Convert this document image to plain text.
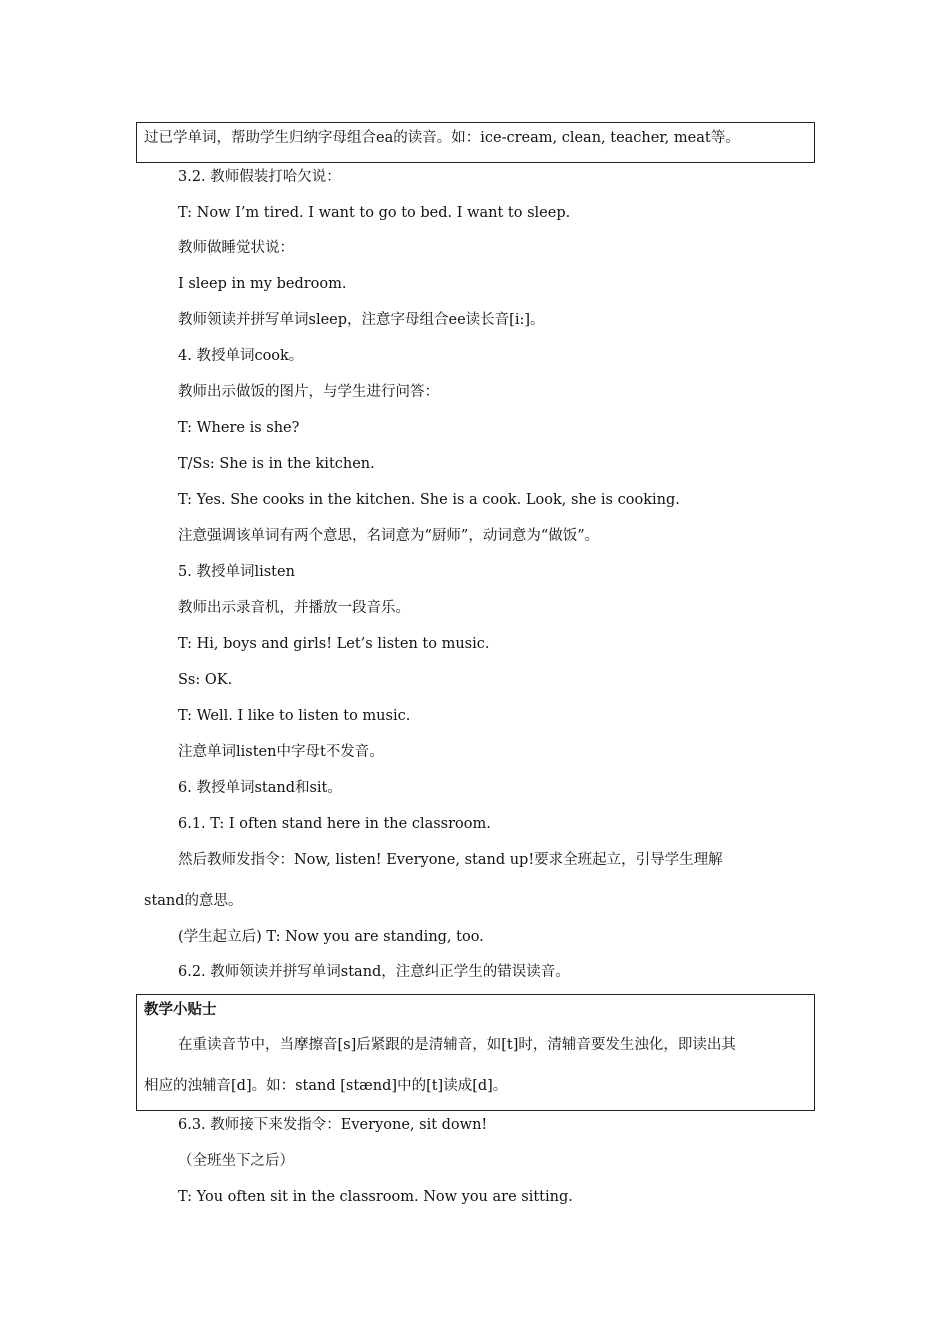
过已学单词，帮助学生归纳字母组合ea的读音。如：ice-cream, clean, teacher, meat等。
3.2. 教师假装打哈欠说：
T: Now I’m tired. I want to go to bed. I want to sleep.
教师做睡觉状说：
I sleep in my bedroom.
教师领读并拼写单词sleep，注意字母组合ee读长音[i:]。
4. 教授单词cook。
教师出示做饭的图片，与学生进行问答：
T: Where is she?
T/Ss: She is in the kitchen.
T: Yes. She cooks in the kitchen. She is a cook. Look, she is cooking.
注意强调该单词有两个意思，名词意为“厨师”，动词意为“做饭”。
5. 教授单词listen
教师出示录音机，并播放一段音乐。
T: Hi, boys and girls! Let’s listen to music.
Ss: OK.
T: Well. I like to listen to music.
注意单词listen中字母t不发音。
6. 教授单词stand和sit。
6.1. T: I often stand here in the classroom.
然后教师发指令：Now, listen! Everyone, stand up!要求全班起立，引导学生理解
stand的意思。
(学生起立后) T: Now you are standing, too.
6.2. 教师领读并拼写单词stand，注意纠正学生的错误读音。
教学小贴士
在重读音节中，当摩擦音[s]后紧跟的是清辅音，如[t]时，清辅音要发生浊化，即读出其
相应的浊辅音[d]。如：stand [stænd]中的[t]读成[d]。
6.3. 教师接下来发指令：Everyone, sit down!
（全班坐下之后）
T: You often sit in the classroom. Now you are sitting.
